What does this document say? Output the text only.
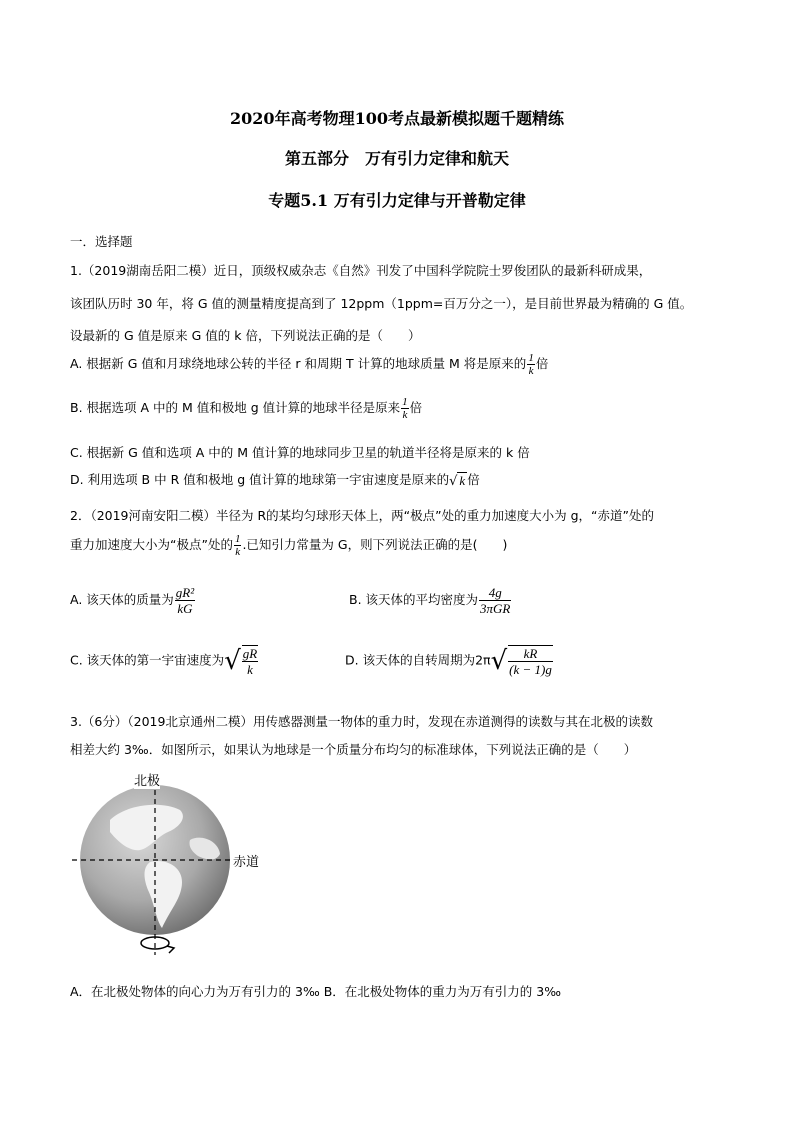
2020年高考物理100考点最新模拟题千题精练
第五部分　万有引力定律和航天
专题5.1 万有引力定律与开普勒定律
一．选择题
1.（2019湖南岳阳二模）近日，顶级权威杂志《自然》刊发了中国科学院院士罗俊团队的最新科研成果，
该团队历时 30 年，将 G 值的测量精度提高到了 12ppm（1ppm=百万分之一），是目前世界最为精确的 G 值。
设最新的 G 值是原来 G 值的 k 倍，下列说法正确的是（　　）
A. 根据新 G 值和月球绕地球公转的半径 r 和周期 T 计算的地球质量 M 将是原来的 $\frac{1}{k}$ 倍
B. 根据选项 A 中的 M 值和极地 g 值计算的地球半径是原来 $\frac{1}{k}$ 倍
C. 根据新 G 值和选项 A 中的 M 值计算的地球同步卫星的轨道半径将是原来的 k 倍
D. 利用选项 B 中 R 值和极地 g 值计算的地球第一宇宙速度是原来的√ k 倍
2．（2019河南安阳二模）半径为 R的某均匀球形天体上，两“极点”处的重力加速度大小为 g，“赤道”处的
重力加速度大小为“极点”处的 $\frac{1}{k}$ .已知引力常量为 G，则下列说法正确的是(　　)
A. 该天体的质量为 $\frac{\text{gR²}}{kG}$	B. 该天体的平均密度为 $\frac{4g}{\text{3πGR}}$
C. 该天体的第一宇宙速度为√ $\frac{gR}{k}$	D. 该天体的自转周期为$2\pi√ \frac{kR}{(k - 1)g}$
3.（6分）（2019北京通州二模）用传感器测量一物体的重力时，发现在赤道测得的读数与其在北极的读数
相差大约 3‰．如图所示，如果认为地球是一个质量分布均匀的标准球体，下列说法正确的是（　　）
北极
赤道
A．在北极处物体的向心力为万有引力的 3‰ B．在北极处物体的重力为万有引力的 3‰
